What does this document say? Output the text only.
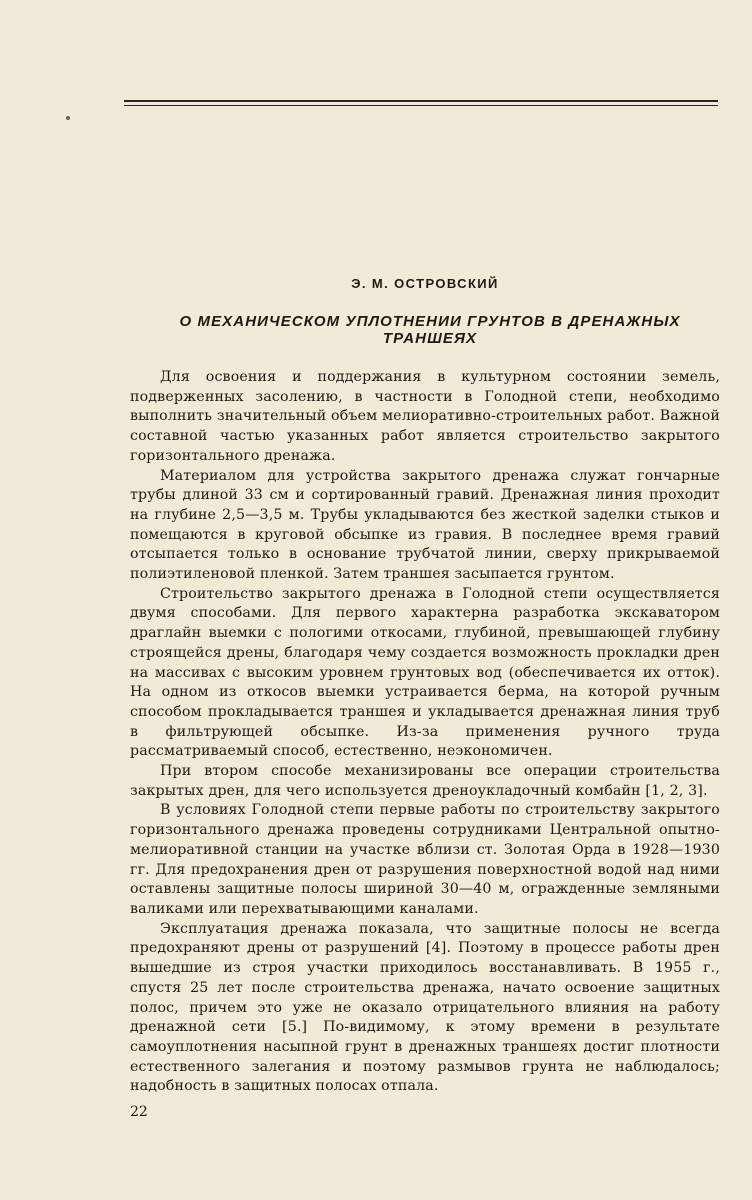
Э. М. ОСТРОВСКИЙ
О МЕХАНИЧЕСКОМ УПЛОТНЕНИИ ГРУНТОВ В ДРЕНАЖНЫХ
ТРАНШЕЯХ

Для освоения и поддержания в культурном состоянии земель, подверженных засолению, в частности в Голодной степи, необходимо выполнить значительный объем мелиоративно-строительных работ. Важной составной частью указанных работ является строительство закрытого горизонтального дренажа.

Материалом для устройства закрытого дренажа служат гончарные трубы длиной 33 см и сортированный гравий. Дренажная линия проходит на глубине 2,5—3,5 м. Трубы укладываются без жесткой заделки стыков и помещаются в круговой обсыпке из гравия. В последнее время гравий отсыпается только в основание трубчатой линии, сверху прикрываемой полиэтиленовой пленкой. Затем траншея засыпается грунтом.

Строительство закрытого дренажа в Голодной степи осуществляется двумя способами. Для первого характерна разработка экскаватором драглайн выемки с пологими откосами, глубиной, превышающей глубину строящейся дрены, благодаря чему создается возможность прокладки дрен на массивах с высоким уровнем грунтовых вод (обеспечивается их отток). На одном из откосов выемки устраивается берма, на которой ручным способом прокладывается траншея и укладывается дренажная линия труб в фильтрующей обсыпке. Из-за применения ручного труда рассматриваемый способ, естественно, неэкономичен.

При втором способе механизированы все операции строительства закрытых дрен, для чего используется дреноукладочный комбайн [1, 2, 3].

В условиях Голодной степи первые работы по строительству закрытого горизонтального дренажа проведены сотрудниками Центральной опытно-мелиоративной станции на участке вблизи ст. Золотая Орда в 1928—1930 гг. Для предохранения дрен от разрушения поверхностной водой над ними оставлены защитные полосы шириной 30—40 м, огражденные земляными валиками или перехватывающими каналами.

Эксплуатация дренажа показала, что защитные полосы не всегда предохраняют дрены от разрушений [4]. Поэтому в процессе работы дрен вышедшие из строя участки приходилось восстанавливать. В 1955 г., спустя 25 лет после строительства дренажа, начато освоение защитных полос, причем это уже не оказало отрицательного влияния на работу дренажной сети [5.] По-видимому, к этому времени в результате самоуплотнения насыпной грунт в дренажных траншеях достиг плотности естественного залегания и поэтому размывов грунта не наблюдалось; надобность в защитных полосах отпала.

22
